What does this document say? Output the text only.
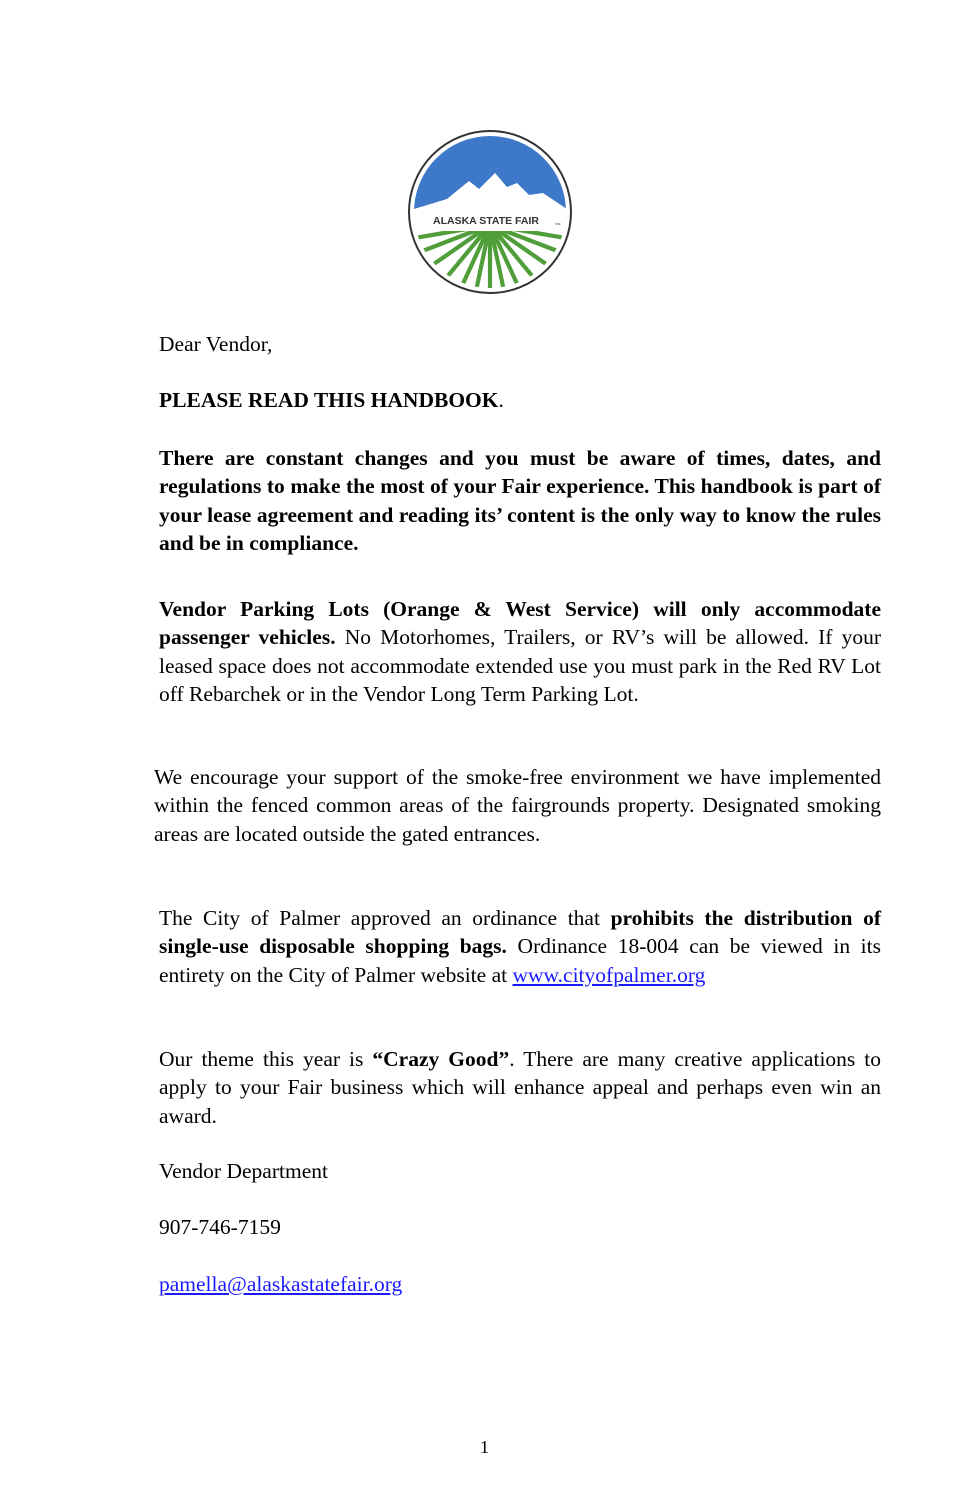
ALASKA STATE FAIR	inc

Dear Vendor,

PLEASE READ THIS HANDBOOK.

There are constant changes and you must be aware of times, dates, and regulations to make the most of your Fair experience. This handbook is part of your lease agreement and reading its’ content is the only way to know the rules and be in compliance.

Vendor Parking Lots (Orange & West Service) will only accommodate passenger vehicles. No Motorhomes, Trailers, or RV’s will be allowed. If your leased space does not accommodate extended use you must park in the Red RV Lot off Rebarchek or in the Vendor Long Term Parking Lot.

We encourage your support of the smoke-free environment we have implemented within the fenced common areas of the fairgrounds property. Designated smoking areas are located outside the gated entrances.

The City of Palmer approved an ordinance that prohibits the distribution of single-use disposable shopping bags. Ordinance 18-004 can be viewed in its entirety on the City of Palmer website at www.cityofpalmer.org

Our theme this year is “Crazy Good”. There are many creative applications to apply to your Fair business which will enhance appeal and perhaps even win an award.

Vendor Department

907-746-7159

pamella@alaskastatefair.org

1
